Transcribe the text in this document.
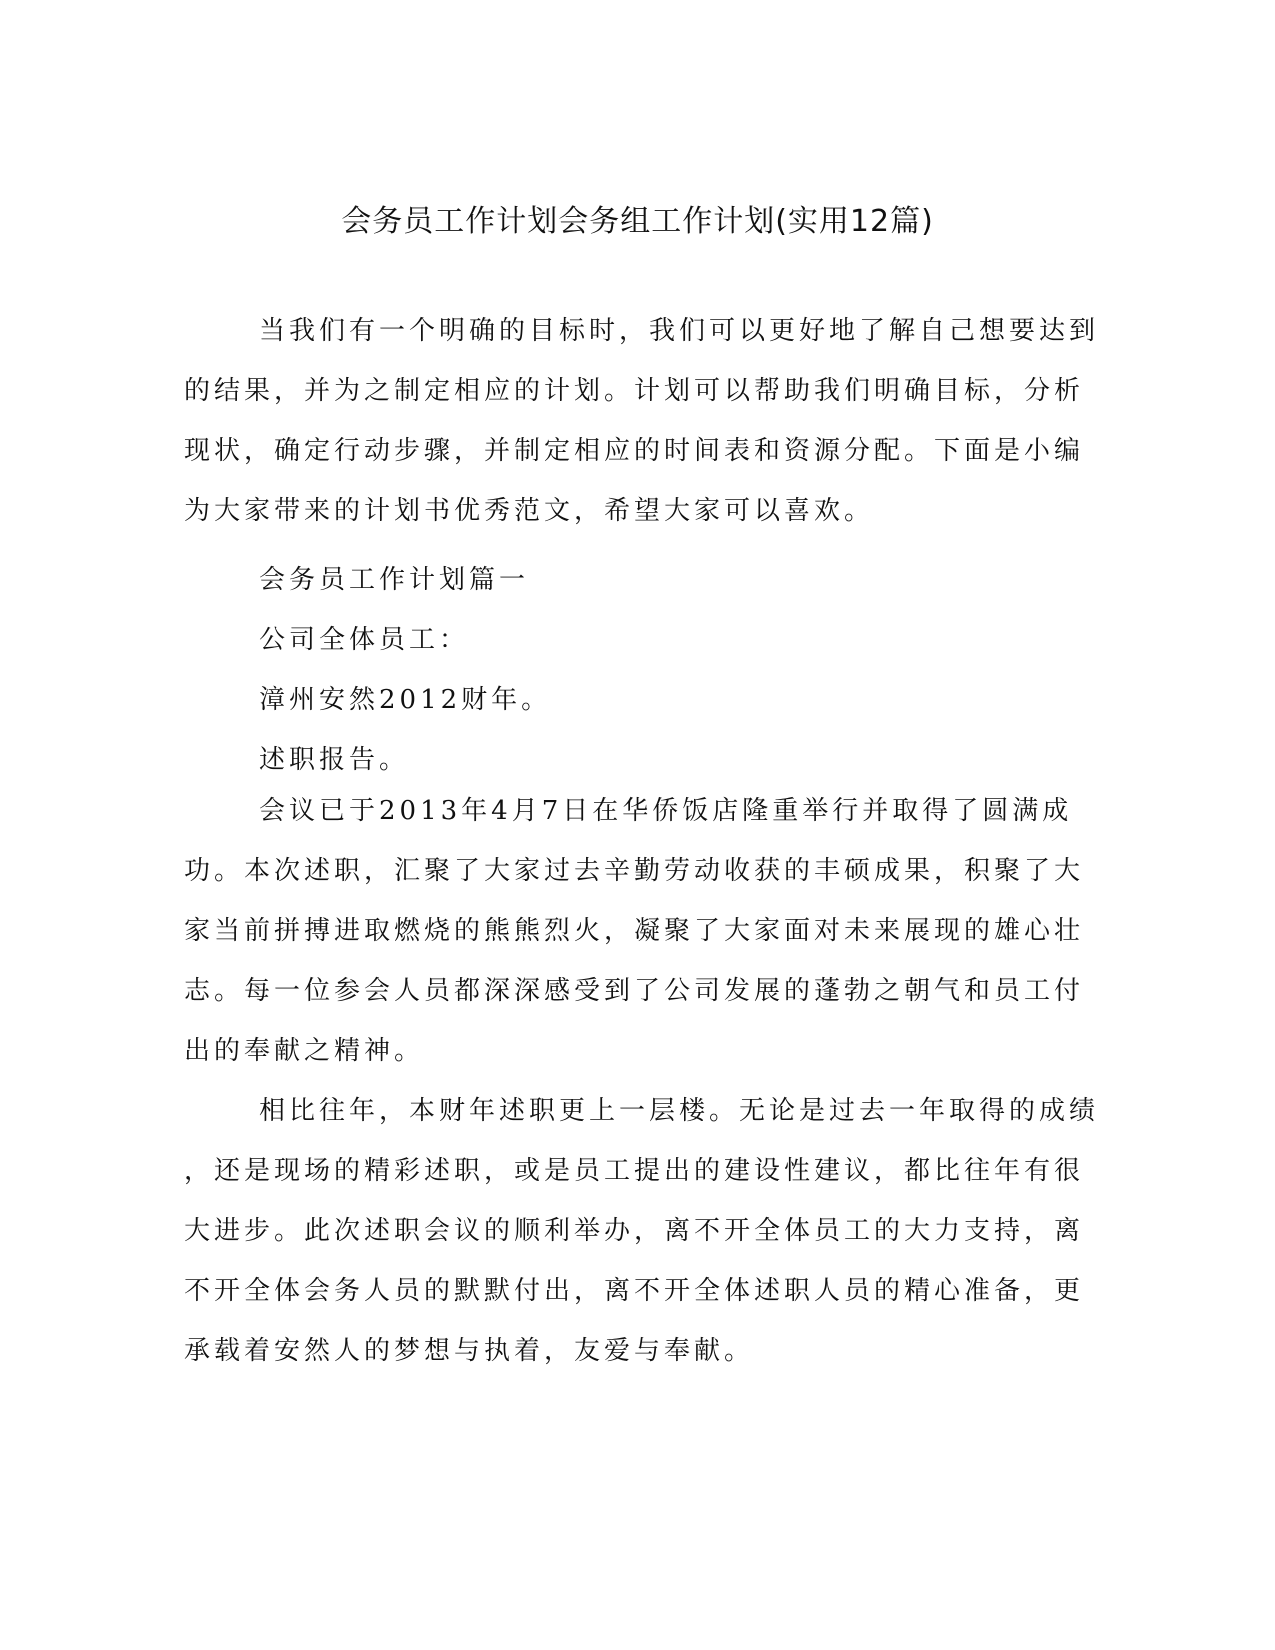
会务员工作计划会务组工作计划(实用12篇)
当我们有一个明确的目标时，我们可以更好地了解自己想要达到
的结果，并为之制定相应的计划。计划可以帮助我们明确目标，分析
现状，确定行动步骤，并制定相应的时间表和资源分配。下面是小编
为大家带来的计划书优秀范文，希望大家可以喜欢。

会务员工作计划篇一

公司全体员工：

漳州安然2012财年。

述职报告。

会议已于2013年4月7日在华侨饭店隆重举行并取得了圆满成
功。本次述职，汇聚了大家过去辛勤劳动收获的丰硕成果，积聚了大
家当前拼搏进取燃烧的熊熊烈火，凝聚了大家面对未来展现的雄心壮
志。每一位参会人员都深深感受到了公司发展的蓬勃之朝气和员工付
出的奉献之精神。
相比往年，本财年述职更上一层楼。无论是过去一年取得的成绩
，还是现场的精彩述职，或是员工提出的建设性建议，都比往年有很
大进步。此次述职会议的顺利举办，离不开全体员工的大力支持，离
不开全体会务人员的默默付出，离不开全体述职人员的精心准备，更
承载着安然人的梦想与执着，友爱与奉献。
